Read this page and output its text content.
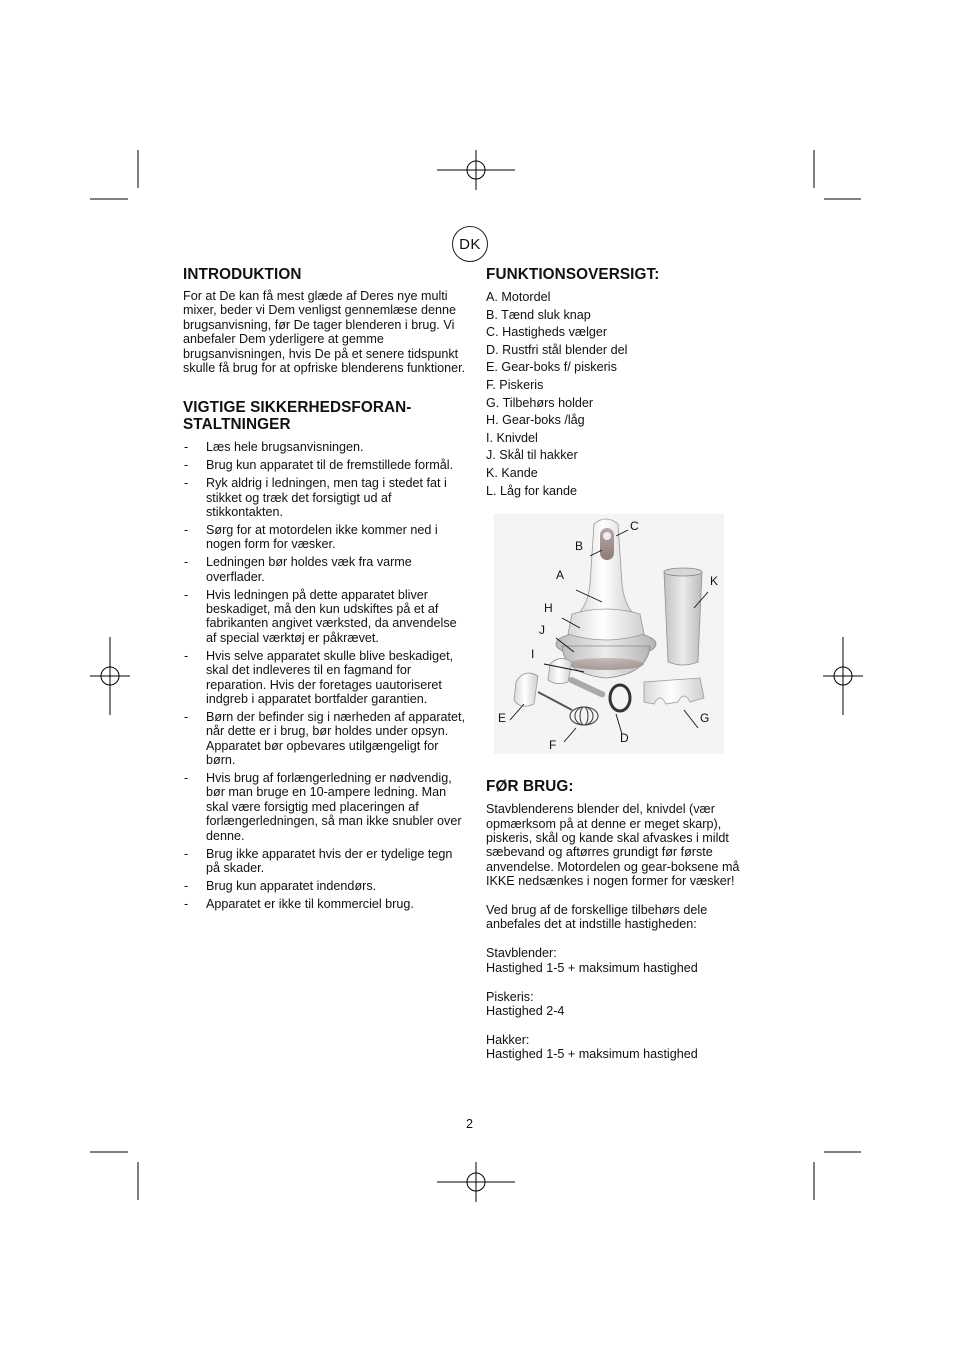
DK
INTRODUKTION

For at De kan få mest glæde af Deres nye multi mixer, beder vi Dem venligst gennemlæse denne brugsanvisning, før De tager blenderen i brug. Vi anbefaler Dem yderligere at gemme brugsanvisningen, hvis De på et senere tidspunkt skulle få brug for at opfriske blenderens funktioner.

VIGTIGE SIKKERHEDSFORAN-
STALTNINGER
- Læs hele brugsanvisningen.
- Brug kun apparatet til de fremstillede formål.
- Ryk aldrig i ledningen, men tag i stedet fat i stikket og træk det forsigtigt ud af stikkontakten.
- Sørg for at motordelen ikke kommer ned i nogen form for væsker.
- Ledningen bør holdes væk fra varme overflader.
- Hvis ledningen på dette apparatet bliver beskadiget, må den kun udskiftes på et af fabrikanten angivet værksted, da anvendelse af special værktøj er påkrævet.
- Hvis selve apparatet skulle blive beskadiget, skal det indleveres til en fagmand for reparation. Hvis der foretages uautoriseret indgreb i apparatet bortfalder garantien.
- Børn der befinder sig i nærheden af apparatet, når dette er i brug, bør holdes under opsyn. Apparatet bør opbevares utilgængeligt for børn.
- Hvis brug af forlængerledning er nødvendig, bør man bruge en 10-ampere ledning. Man skal være forsigtig med placeringen af forlængerledningen, så man ikke snubler over denne.
- Brug ikke apparatet hvis der er tydelige tegn på skader.
- Brug kun apparatet indendørs.
- Apparatet er ikke til kommerciel brug.
FUNKTIONSOVERSIGT:
A. Motordel
B. Tænd sluk knap
C. Hastigheds vælger
D. Rustfri stål blender del
E. Gear-boks f/ piskeris
F. Piskeris
G. Tilbehørs holder
H. Gear-boks /låg
I. Knivdel
J. Skål til hakker
K. Kande
L. Låg for kande
C
B
A	K
H
J
I
E	G
D
F
FØR BRUG:

Stavblenderens blender del, knivdel (vær opmærksom på at denne er meget skarp), piskeris, skål og kande skal afvaskes i mildt sæbevand og aftørres grundigt før første anvendelse. Motordelen og gear-boksene må IKKE nedsænkes i nogen former for væsker!

Ved brug af de forskellige tilbehørs dele anbefales det at indstille hastigheden:

Stavblender:
Hastighed 1-5 + maksimum hastighed
Piskeris:
Hastighed 2-4
Hakker:
Hastighed 1-5 + maksimum hastighed
2
